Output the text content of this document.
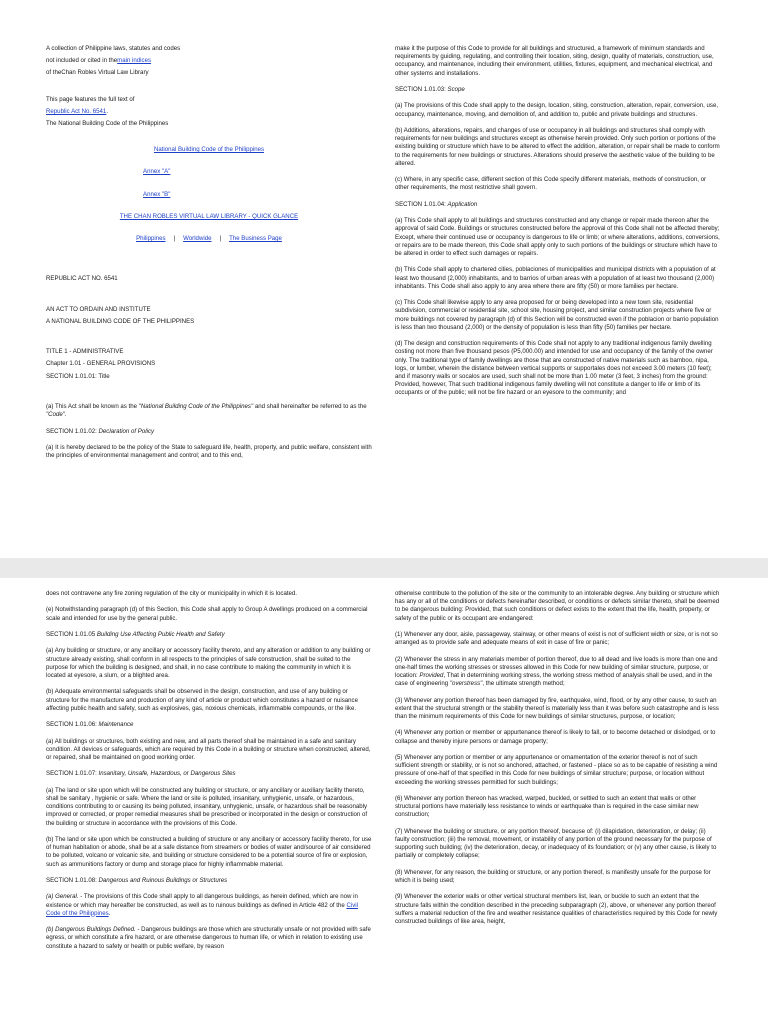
A collection of Philippine laws, statutes and codes

not included or cited in themain indices

of theChan Robles Virtual Law Library

This page features the full text of

Republic Act No. 6541.

The National Building Code of the Philippines

National Building Code of the Philippines

Annex "A"

Annex "B"

THE CHAN ROBLES VIRTUAL LAW LIBRARY - QUICK GLANCE

Philippines | Worldwide | The Business Page

REPUBLIC ACT NO. 6541

AN ACT TO ORDAIN AND INSTITUTE

A NATIONAL BUILDING CODE OF THE PHILIPPINES

TITLE 1 - ADMINISTRATIVE

Chapter 1.01 - GENERAL PROVISIONS

SECTION 1.01.01: Title

(a) This Act shall be known as the "National Building Code of the Philippines" and shall hereinafter be referred to as the "Code".

SECTION 1.01.02: Declaration of Policy

(a) It is hereby declared to be the policy of the State to safeguard life, health, property, and public welfare, consistent with the principles of environmental management and control; and to this end,

make it the purpose of this Code to provide for all buildings and structured, a framework of minimum standards and requirements by guiding, regulating, and controlling their location, siting, design, quality of materials, construction, use, occupancy, and maintenance, including their environment, utilities, fixtures, equipment, and mechanical electrical, and other systems and installations.

SECTION 1.01.03: Scope

(a) The provisions of this Code shall apply to the design, location, siting, construction, alteration, repair, conversion, use, occupancy, maintenance, moving, and demolition of, and addition to, public and private buildings and structures.

(b) Additions, alterations, repairs, and changes of use or occupancy in all buildings and structures shall comply with requirements for new buildings and structures except as otherwise herein provided. Only such portion or portions of the existing building or structure which have to be altered to effect the addition, alteration, or repair shall be made to conform to the requirements for new buildings or structures. Alterations should preserve the aesthetic value of the building to be altered.

(c) Where, in any specific case, different section of this Code specify different materials, methods of construction, or other requirements, the most restrictive shall govern.

SECTION 1.01.04: Application

(a) This Code shall apply to all buildings and structures constructed and any change or repair made thereon after the approval of said Code. Buildings or structures constructed before the approval of this Code shall not be affected thereby; Except, where their continued use or occupancy is dangerous to life or limb; or where alterations, additions, conversions, or repairs are to be made thereon, this Code shall apply only to such portions of the buildings or structure which have to be altered in order to effect such damages or repairs.

(b) This Code shall apply to chartered cities, poblaciones of municipalities and municipal districts with a population of at least two thousand (2,000) inhabitants, and to barrios of urban areas with a population of at least two thousand (2,000) inhabitants. This Code shall also apply to any area where there are fifty (50) or more families per hectare.

(c) This Code shall likewise apply to any area proposed for or being developed into a new town site, residential subdivision, commercial or residential site, school site, housing project, and similar construction projects where five or more buildings not covered by paragraph (d) of this Section will be constructed even if the poblacion or barrio population is less than two thousand (2,000) or the density of population is less than fifty (50) families per hectare.

(d) The design and construction requirements of this Code shall not apply to any traditional indigenous family dwelling costing not more than five thousand pesos (P5,000.00) and intended for use and occupancy of the family of the owner only. The traditional type of family dwellings are those that are constructed of native materials such as bamboo, nipa, logs, or lumber, wherein the distance between vertical supports or supportales does not exceed 3.00 meters (10 feet); and if masonry walls or socalos are used, such shall not be more than 1.00 meter (3 feet, 3 inches) from the ground: Provided, however, That such traditional indigenous family dwelling will not constitute a danger to life or limb of its occupants or of the public; will not be fire hazard or an eyesore to the community; and

does not contravene any fire zoning regulation of the city or municipality in which it is located.

(e) Notwithstanding paragraph (d) of this Section, this Code shall apply to Group A dwellings produced on a commercial scale and intended for use by the general public.

SECTION 1.01.05 Building Use Affecting Public Health and Safety

(a) Any building or structure, or any ancillary or accessory facility thereto, and any alteration or addition to any building or structure already existing, shall conform in all respects to the principles of safe construction, shall be suited to the purpose for which the building is designed, and shall, in no case contribute to making the community in which it is located at eyesore, a slum, or a blighted area.

(b) Adequate environmental safeguards shall be observed in the design, construction, and use of any building or structure for the manufacture and production of any kind of article or product which constitutes a hazard or nuisance affecting public health and safety, such as explosives, gas, noxious chemicals, inflammable compounds, or the like.

SECTION 1.01.06: Maintenance

(a) All buildings or structures, both existing and new, and all parts thereof shall be maintained in a safe and sanitary condition. All devices or safeguards, which are required by this Code in a building or structure when constructed, altered, or repaired, shall be maintained on good working order.

SECTION 1.01.07: Insanitary, Unsafe, Hazardous, or Dangerous Sites

(a) The land or site upon which will be constructed any building or structure, or any ancillary or auxiliary facility thereto, shall be sanitary , hygienic or safe. Where the land or site is polluted, insanitary, unhygienic, unsafe, or hazardous, conditions contributing to or causing its being polluted, insanitary, unhygienic, unsafe, or hazardous shall be reasonably improved or corrected, or proper remedial measures shall be prescribed or incorporated in the design or construction of the building or structure in accordance with the provisions of this Code.

(b) The land or site upon which be constructed a building of structure or any ancillary or accessory facility thereto, for use of human habitation or abode, shall be at a safe distance from streamers or bodies of water and/source of air considered to be polluted, volcano or volcanic site, and building or structure considered to be a potential source of fire or explosion, such as ammunitions factory or dump and storage place for highly inflammable material.

SECTION 1.01.08: Dangerous and Ruinous Buildings or Structures

(a) General. - The provisions of this Code shall apply to all dangerous buildings, as herein defined, which are now in existence or which may hereafter be constructed, as well as to ruinous buildings as defined in Article 482 of the Civil Code of the Philippines.

(b) Dangerous Buildings Defined. - Dangerous buildings are those which are structurally unsafe or not provided with safe egress, or which constitute a fire hazard, or are otherwise dangerous to human life, or which in relation to existing use constitute a hazard to safety or health or public welfare, by reason

otherwise contribute to the pollution of the site or the community to an intolerable degree. Any building or structure which has any or all of the conditions or defects hereinafter described, or conditions or defects similar thereto, shall be deemed to be dangerous building: Provided, that such conditions or defect exists to the extent that the life, health, property, or safety of the public or its occupant are endangered:

(1) Whenever any door, aisle, passageway, stairway, or other means of exist is not of sufficient width or size, or is not so arranged as to provide safe and adequate means of exit in case of fire or panic;

(2) Whenever the stress in any materials member of portion thereof, due to all dead and live loads is more than one and one-half times the working stresses or stresses allowed in this Code for new building of similar structure, purpose, or location: Provided, That in determining working stress, the working stress method of analysis shall be used, and in the case of engineering "overstress", the ultimate strength method;

(3) Whenever any portion thereof has been damaged by fire, earthquake, wind, flood, or by any other cause, to such an extent that the structural strength or the stability thereof is materially less than it was before such catastrophe and is less than the minimum requirements of this Code for new buildings of similar structures, purpose, or location;

(4) Whenever any portion or member or appurtenance thereof is likely to fall, or to become detached or dislodged, or to collapse and thereby injure persons or damage property;

(5) Whenever any portion or member or any appurtenance or ornamentation of the exterior thereof is not of such sufficient strength or stability, or is not so anchored, attached, or fastened - place so as to be capable of resisting a wind pressure of one-half of that specified in this Code for new buildings of similar structure; purpose, or location without exceeding the working stresses permitted for such buildings;

(6) Whenever any portion thereon has wracked, warped, buckled, or settled to such an extent that walls or other structural portions have materially less resistance to winds or earthquake than is required in the case similar new construction;

(7) Whenever the building or structure, or any portion thereof, because of: (i) dilapidation, deterioration, or delay; (ii) faulty construction; (iii) the removal, movement, or instability of any portion of the ground necessary for the purpose of supporting such building; (iv) the deterioration, decay, or inadequacy of its foundation; or (v) any other cause, is likely to partially or completely collapse;

(8) Whenever, for any reason, the building or structure, or any portion thereof, is manifestly unsafe for the purpose for which it is being used;

(9) Whenever the exterior walls or other vertical structural members list, lean, or buckle to such an extent that the structure falls within the condition described in the preceding subparagraph (2), above, or whenever any portion thereof suffers a material reduction of the fire and weather resistance qualities of characteristics required by this Code for newly constructed buildings of like area, height,
